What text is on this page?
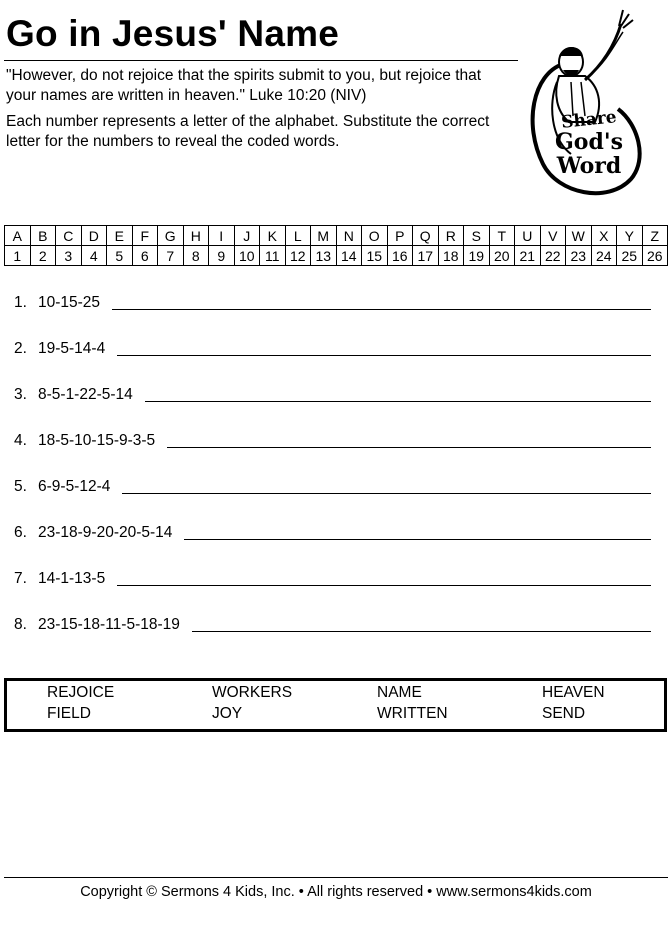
Go in Jesus' Name
"However, do not rejoice that the spirits submit to you, but rejoice that your names are written in heaven." Luke 10:20 (NIV)
Each number represents a letter of the alphabet. Substitute the correct letter for the numbers to reveal the coded words.
Share
God's
Word
A	B	C	D	E	F	G	H	I	J	K	L	M	N	O	P	Q	R	S	T	U	V	W	X	Y	Z
1	2	3	4	5	6	7	8	9	10	11	12	13	14	15	16	17	18	19	20	21	22	23	24	25	26
1. 10-15-25
2. 19-5-14-4
3. 8-5-1-22-5-14
4. 18-5-10-15-9-3-5
5. 6-9-5-12-4
6. 23-18-9-20-20-5-14
7. 14-1-13-5
8. 23-15-18-11-5-18-19
REJOICE	WORKERS	NAME	HEAVEN
FIELD	JOY	WRITTEN	SEND
Copyright © Sermons 4 Kids, Inc. • All rights reserved • www.sermons4kids.com
